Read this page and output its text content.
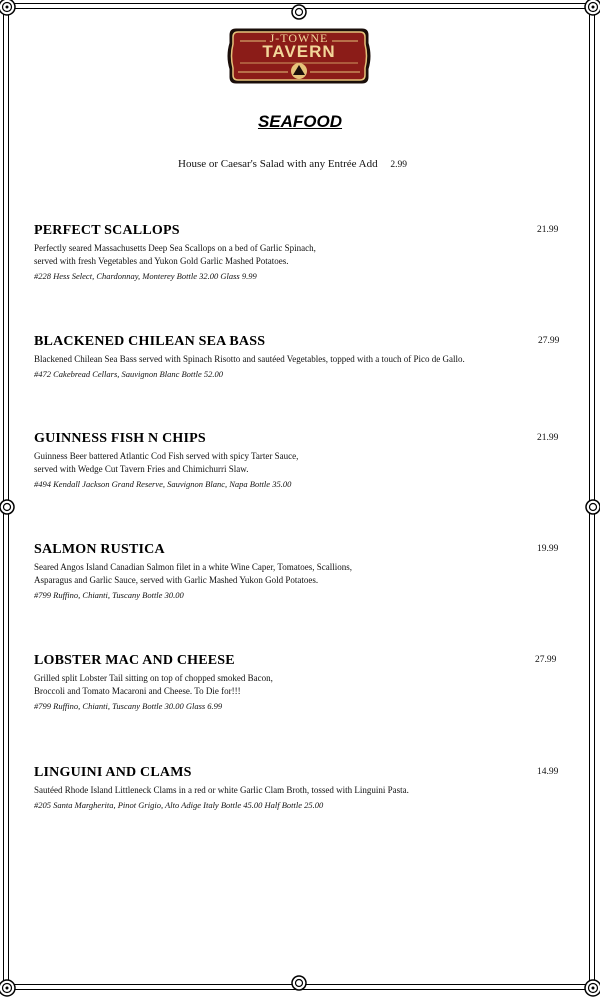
J-TOWNE
TAVERN
SEAFOOD
House or Caesar's Salad with any Entrée Add 2.99
PERFECT SCALLOPS	21.99
Perfectly seared Massachusetts Deep Sea Scallops on a bed of Garlic Spinach,
served with fresh Vegetables and Yukon Gold Garlic Mashed Potatoes.
#228 Hess Select, Chardonnay, Monterey Bottle 32.00 Glass 9.99
BLACKENED CHILEAN SEA BASS	27.99
Blackened Chilean Sea Bass served with Spinach Risotto and sautéed Vegetables, topped with a touch of Pico de Gallo.
#472 Cakebread Cellars, Sauvignon Blanc Bottle 52.00
GUINNESS FISH N CHIPS	21.99
Guinness Beer battered Atlantic Cod Fish served with spicy Tarter Sauce,
served with Wedge Cut Tavern Fries and Chimichurri Slaw.
#494 Kendall Jackson Grand Reserve, Sauvignon Blanc, Napa Bottle 35.00
SALMON RUSTICA	19.99
Seared Angos Island Canadian Salmon filet in a white Wine Caper, Tomatoes, Scallions,
Asparagus and Garlic Sauce, served with Garlic Mashed Yukon Gold Potatoes.
#799 Ruffino, Chianti, Tuscany Bottle 30.00
LOBSTER MAC AND CHEESE	27.99
Grilled split Lobster Tail sitting on top of chopped smoked Bacon,
Broccoli and Tomato Macaroni and Cheese. To Die for!!!
#799 Ruffino, Chianti, Tuscany Bottle 30.00 Glass 6.99
LINGUINI AND CLAMS	14.99
Sautéed Rhode Island Littleneck Clams in a red or white Garlic Clam Broth, tossed with Linguini Pasta.
#205 Santa Margherita, Pinot Grigio, Alto Adige Italy Bottle 45.00 Half Bottle 25.00
